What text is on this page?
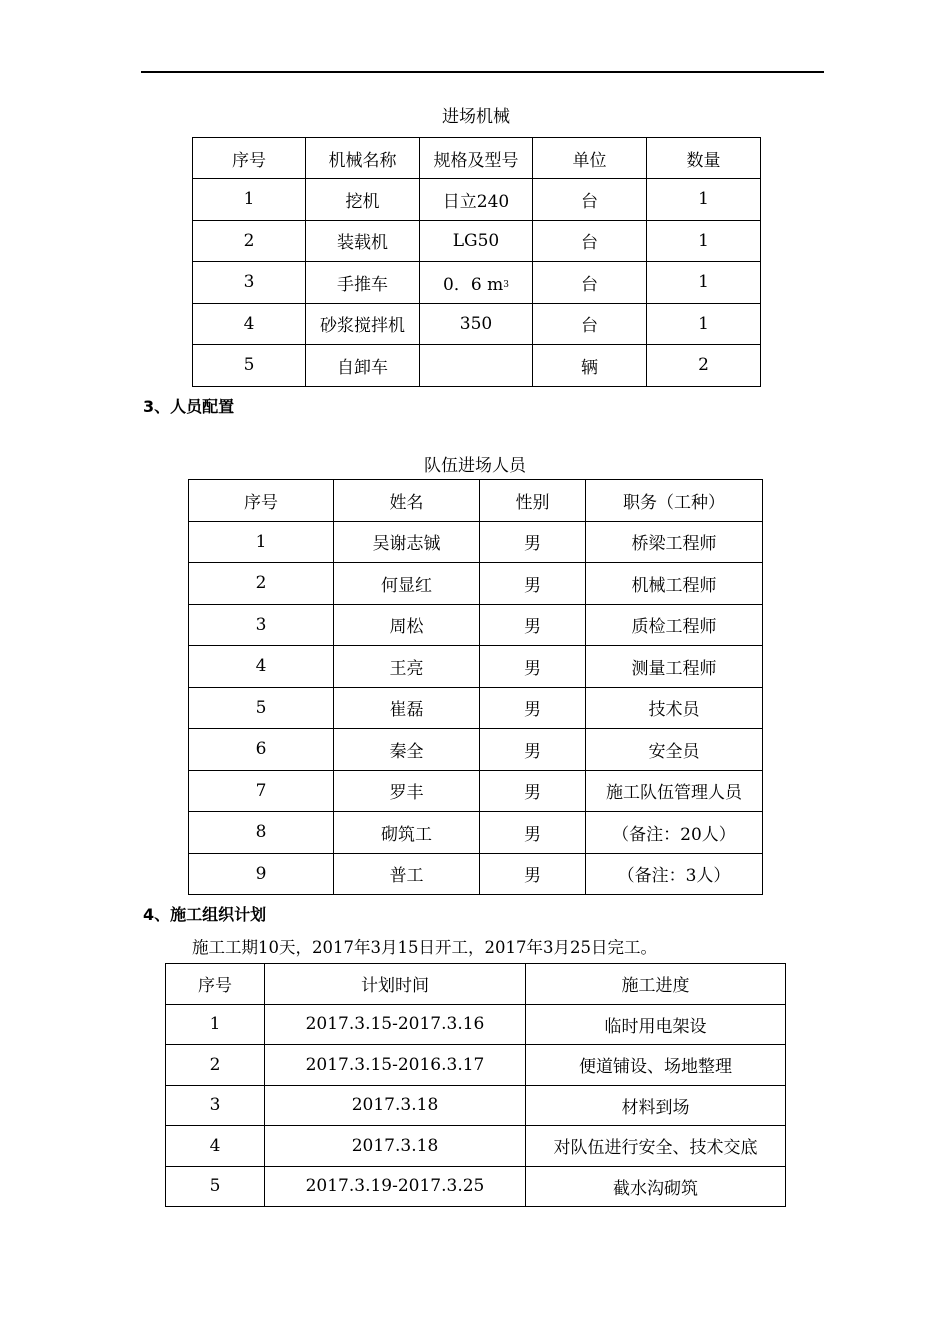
进场机械
序号	机械名称	规格及型号	单位	数量
1	挖机	日立240	台	1
2	装载机	LG50	台	1
3	手推车	0．6 $m^3$	台	1
4	砂浆搅拌机	350	台	1
5	自卸车		辆	2
3、人员配置
队伍进场人员
序号	姓名	性别	职务（工种）
1	吴谢志铖	男	桥梁工程师
2	何显红	男	机械工程师
3	周松	男	质检工程师
4	王亮	男	测量工程师
5	崔磊	男	技术员
6	秦全	男	安全员
7	罗丰	男	施工队伍管理人员
8	砌筑工	男	（备注：20人）
9	普工	男	（备注：3人）
4、施工组织计划
施工工期10天，2017年3月15日开工，2017年3月25日完工。
序号	计划时间	施工进度
1	2017.3.15-2017.3.16	临时用电架设
2	2017.3.15-2016.3.17	便道铺设、场地整理
3	2017.3.18	材料到场
4	2017.3.18	对队伍进行安全、技术交底
5	2017.3.19-2017.3.25	截水沟砌筑
